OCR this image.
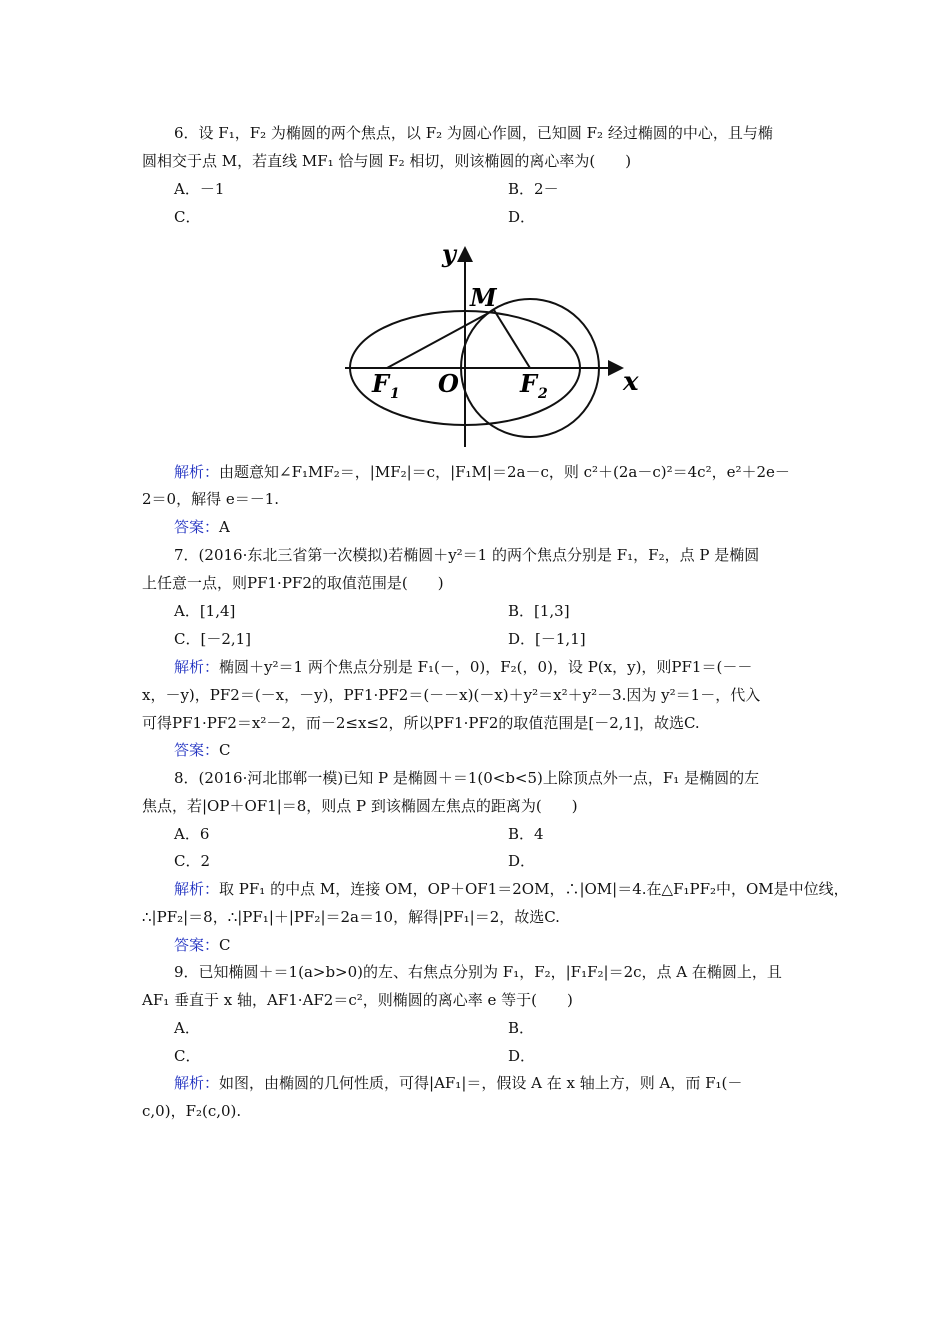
6．设 F₁，F₂ 为椭圆的两个焦点，以 F₂ 为圆心作圆，已知圆 F₂ 经过椭圆的中心，且与椭
圆相交于点 M，若直线 MF₁ 恰与圆 F₂ 相切，则该椭圆的离心率为(　　)
A．－1	B．2－
C．	D．
y
x
M
O
F 1	F 2
解析：由题意知∠F₁MF₂＝，|MF₂|＝c，|F₁M|＝2a－c，则 c²＋(2a－c)²＝4c²，e²＋2e－
2＝0，解得 e＝－1.
答案：A
7．(2016·东北三省第一次模拟)若椭圆＋y²＝1 的两个焦点分别是 F₁，F₂，点 P 是椭圆
上任意一点，则PF1·PF2的取值范围是(　　)
A．[1,4]	B．[1,3]
C．[－2,1]	D．[－1,1]
解析：椭圆＋y²＝1 两个焦点分别是 F₁(－，0)，F₂(，0)，设 P(x，y)，则PF1＝(－－
x，－y)，PF2＝(－x，－y)，PF1·PF2＝(－－x)(－x)＋y²＝x²＋y²－3.因为 y²＝1－，代入
可得PF1·PF2＝x²－2，而－2≤x≤2，所以PF1·PF2的取值范围是[－2,1]，故选C.
答案：C
8．(2016·河北邯郸一模)已知 P 是椭圆＋＝1(0<b<5)上除顶点外一点，F₁ 是椭圆的左
焦点，若|OP＋OF1|＝8，则点 P 到该椭圆左焦点的距离为(　　)
A．6	B．4
C．2	D．
解析：取 PF₁ 的中点 M，连接 OM，OP＋OF1＝2OM，∴|OM|＝4.在△F₁PF₂中，OM是中位线，
∴|PF₂|＝8，∴|PF₁|＋|PF₂|＝2a＝10，解得|PF₁|＝2，故选C.
答案：C
9．已知椭圆＋＝1(a>b>0)的左、右焦点分别为 F₁，F₂，|F₁F₂|＝2c，点 A 在椭圆上，且
AF₁ 垂直于 x 轴，AF1·AF2＝c²，则椭圆的离心率 e 等于(　　)
A．	B．
C．	D．
解析：如图，由椭圆的几何性质，可得|AF₁|＝，假设 A 在 x 轴上方，则 A，而 F₁(－
c,0)，F₂(c,0).
